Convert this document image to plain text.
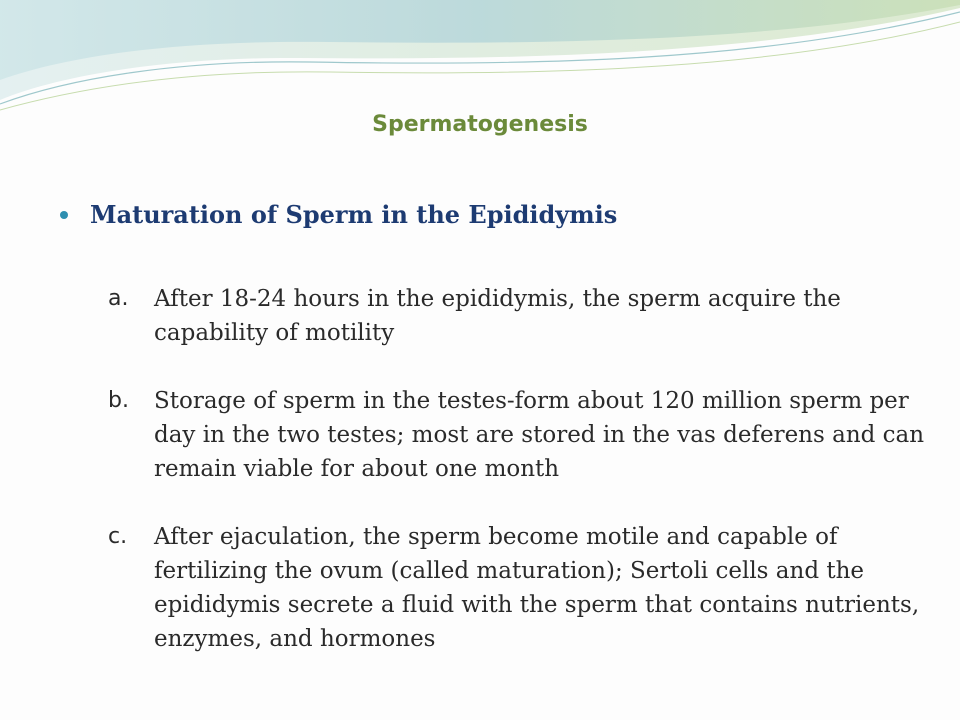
Spermatogenesis
Maturation of Sperm in the Epididymis
a.	After 18-24 hours in the epididymis, the sperm acquire the capability of motility
b.	Storage of sperm in the testes-form about 120 million sperm per day in the two testes; most are stored in the vas deferens and can remain viable for about one month
c.	After ejaculation, the sperm become motile and capable of fertilizing the ovum (called maturation); Sertoli cells and the epididymis secrete a fluid with the sperm that contains nutrients, enzymes, and hormones
